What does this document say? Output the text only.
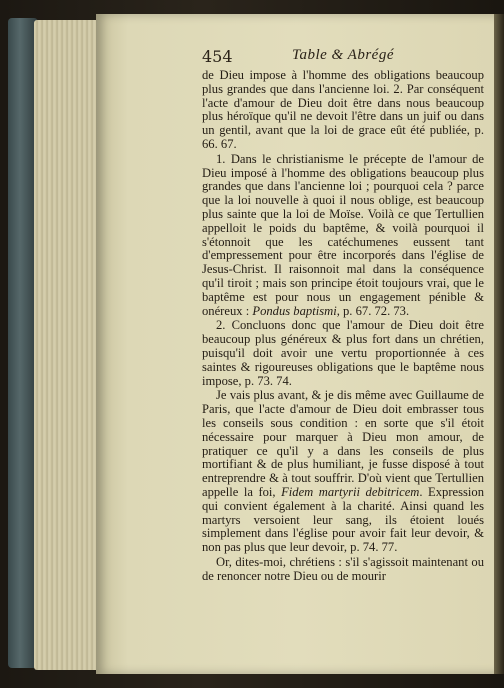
454	Table & Abrégé

de Dieu impose à l'homme des obligations beaucoup plus grandes que dans l'ancienne loi. 2. Par conséquent l'acte d'amour de Dieu doit être dans nous beaucoup plus héroïque qu'il ne devoit l'être dans un juif ou dans un gentil, avant que la loi de grace eût été publiée, p. 66. 67.

1. Dans le christianisme le précepte de l'amour de Dieu imposé à l'homme des obligations beaucoup plus grandes que dans l'ancienne loi ; pourquoi cela ? parce que la loi nouvelle à quoi il nous oblige, est beaucoup plus sainte que la loi de Moïse. Voilà ce que Tertullien appelloit le poids du baptême, & voilà pourquoi il s'étonnoit que les catéchumenes eussent tant d'empressement pour être incorporés dans l'église de Jesus-Christ. Il raisonnoit mal dans la conséquence qu'il tiroit ; mais son principe étoit toujours vrai, que le baptême est pour nous un engagement pénible & onéreux : Pondus baptismi, p. 67. 72. 73.

2. Concluons donc que l'amour de Dieu doit être beaucoup plus généreux & plus fort dans un chrétien, puisqu'il doit avoir une vertu proportionnée à ces saintes & rigoureuses obligations que le baptême nous impose, p. 73. 74.

Je vais plus avant, & je dis même avec Guillaume de Paris, que l'acte d'amour de Dieu doit embrasser tous les conseils sous condition : en sorte que s'il étoit nécessaire pour marquer à Dieu mon amour, de pratiquer ce qu'il y a dans les conseils de plus mortifiant & de plus humiliant, je fusse disposé à tout entreprendre & à tout souffrir. D'où vient que Tertullien appelle la foi, Fidem martyrii debitricem. Expression qui convient également à la charité. Ainsi quand les martyrs versoient leur sang, ils étoient loués simplement dans l'église pour avoir fait leur devoir, & non pas plus que leur devoir, p. 74. 77.

Or, dites-moi, chrétiens : s'il s'agissoit maintenant ou de renoncer notre Dieu ou de mourir
